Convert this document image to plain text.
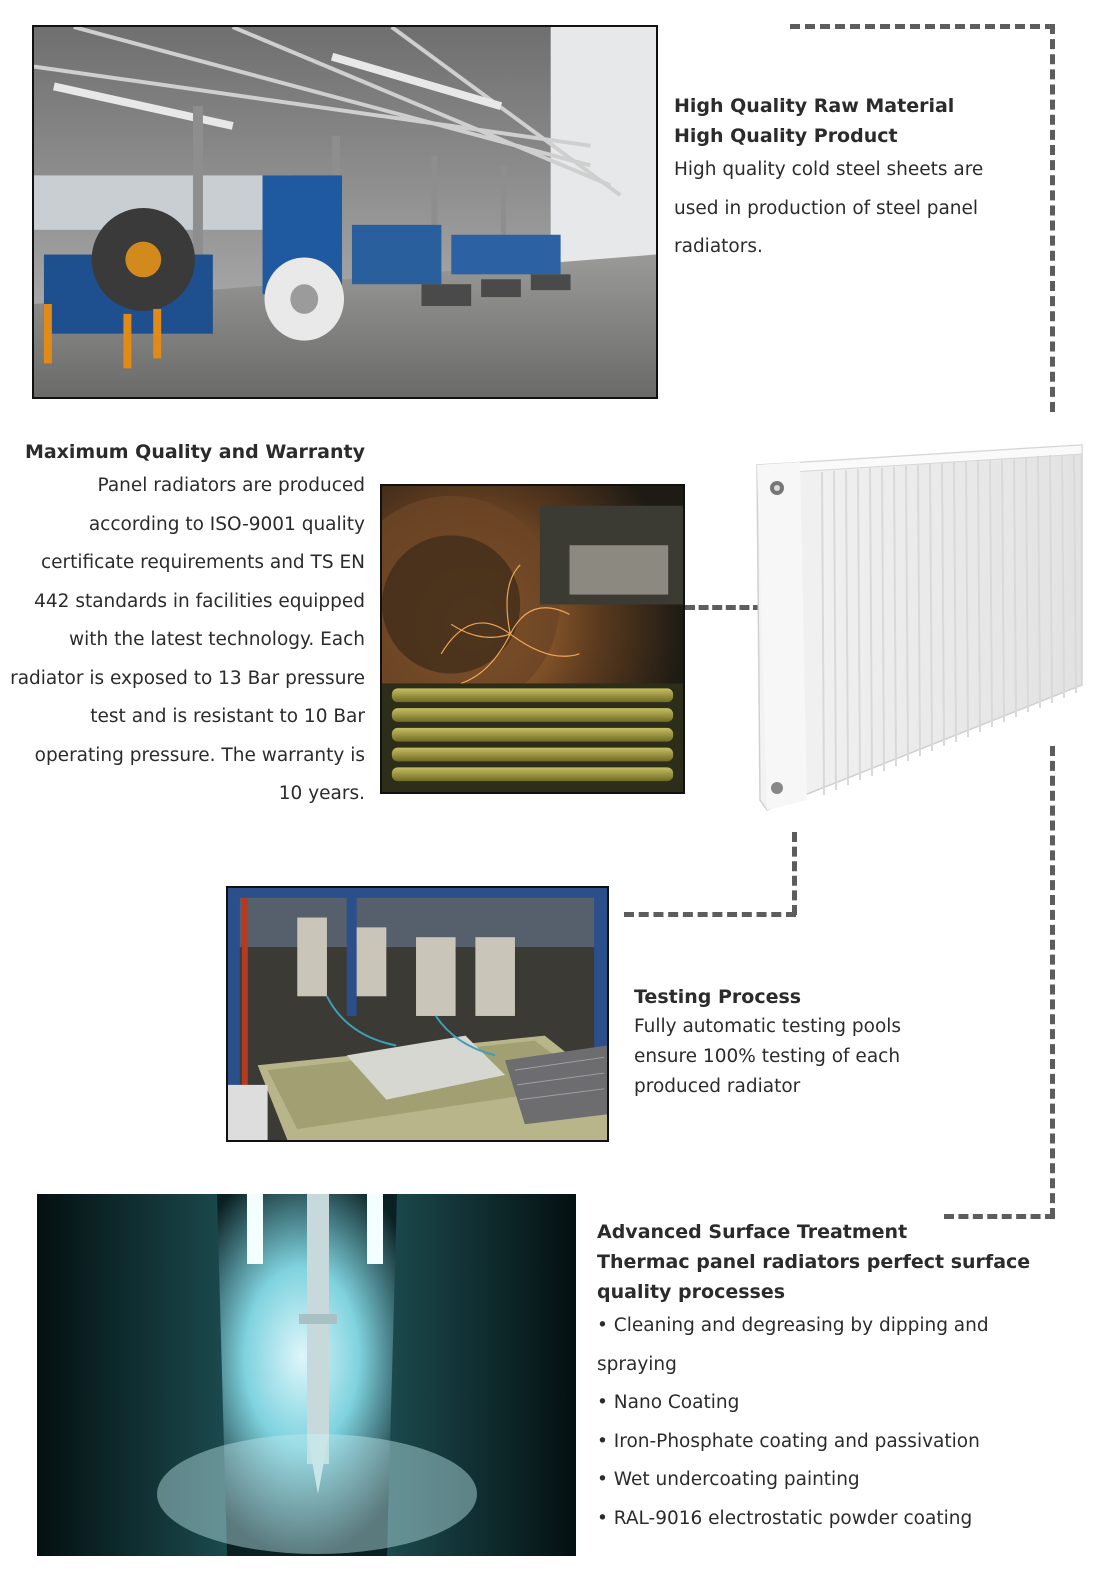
High Quality Raw Material

High Quality Product

High quality cold steel sheets are used in production of steel panel radiators.

Maximum Quality and Warranty

Panel radiators are produced according to ISO-9001 quality certificate requirements and TS EN 442 standards in facilities equipped with the latest technology. Each radiator is exposed to 13 Bar pressure test and is resistant to 10 Bar operating pressure. The warranty is 10 years.

Testing Process

Fully automatic testing pools ensure 100% testing of each produced radiator

Advanced Surface Treatment

Thermac panel radiators perfect surface quality processes

• Cleaning and degreasing by dipping and spraying
• Nano Coating
• Iron-Phosphate coating and passivation
• Wet undercoating painting
• RAL-9016 electrostatic powder coating
